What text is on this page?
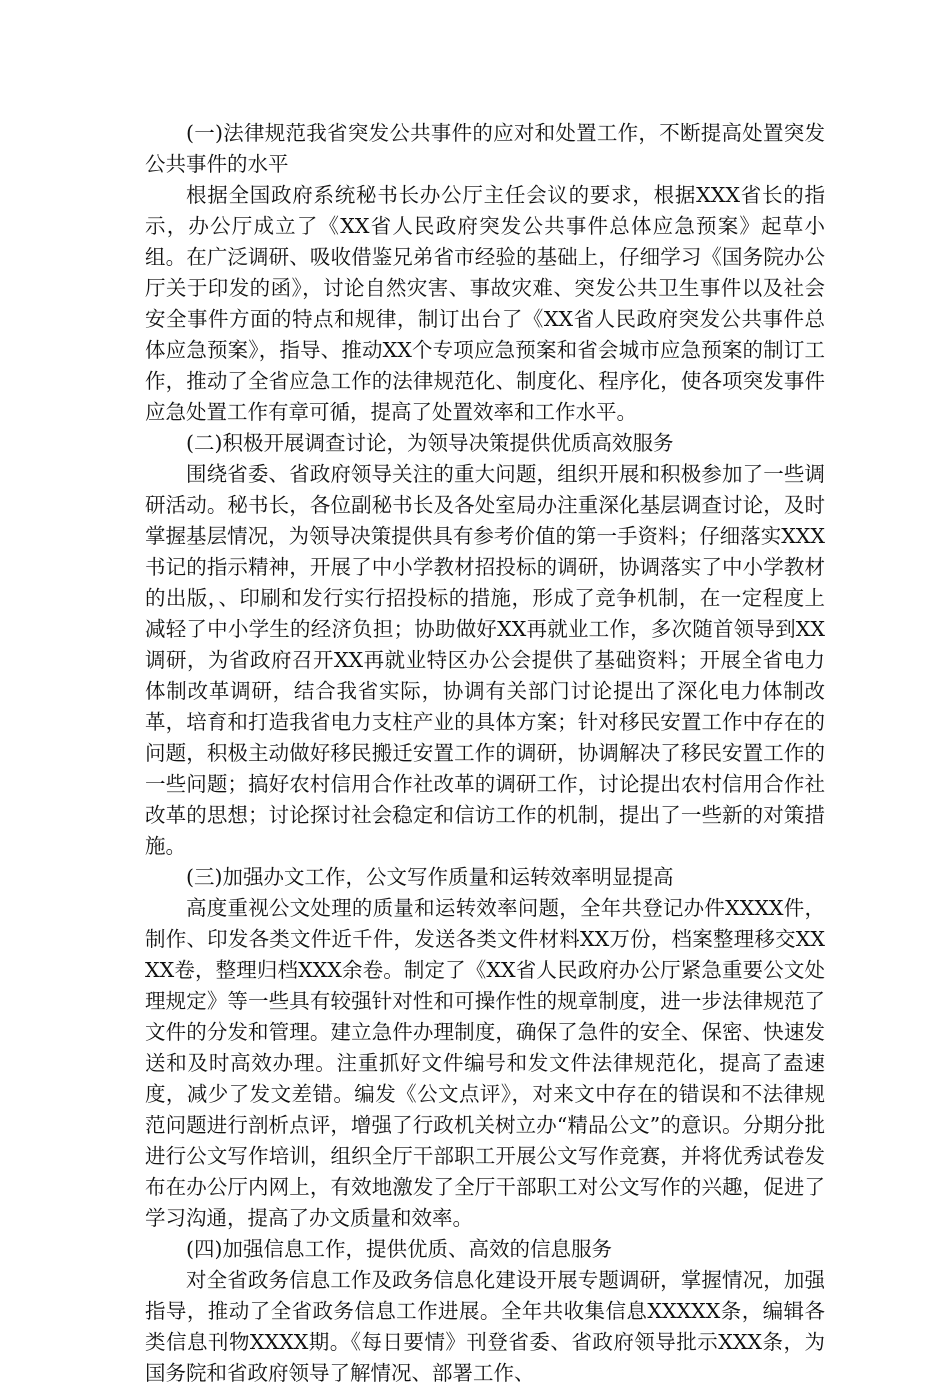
(一)法律规范我省突发公共事件的应对和处置工作，不断提高处置突发公共事件的水平

根据全国政府系统秘书长办公厅主任会议的要求，根据XXX省长的指示，办公厅成立了《XX省人民政府突发公共事件总体应急预案》起草小组。在广泛调研、吸收借鉴兄弟省市经验的基础上，仔细学习《国务院办公厅关于印发的函》，讨论自然灾害、事故灾难、突发公共卫生事件以及社会安全事件方面的特点和规律，制订出台了《XX省人民政府突发公共事件总体应急预案》，指导、推动XX个专项应急预案和省会城市应急预案的制订工作，推动了全省应急工作的法律规范化、制度化、程序化，使各项突发事件应急处置工作有章可循，提高了处置效率和工作水平。

(二)积极开展调查讨论，为领导决策提供优质高效服务

围绕省委、省政府领导关注的重大问题，组织开展和积极参加了一些调研活动。秘书长，各位副秘书长及各处室局办注重深化基层调查讨论，及时掌握基层情况，为领导决策提供具有参考价值的第一手资料；仔细落实XXX书记的指示精神，开展了中小学教材招投标的调研，协调落实了中小学教材的出版，、印刷和发行实行招投标的措施，形成了竞争机制，在一定程度上减轻了中小学生的经济负担；协助做好XX再就业工作，多次随首领导到XX调研，为省政府召开XX再就业特区办公会提供了基础资料；开展全省电力体制改革调研，结合我省实际，协调有关部门讨论提出了深化电力体制改革，培育和打造我省电力支柱产业的具体方案；针对移民安置工作中存在的问题，积极主动做好移民搬迁安置工作的调研，协调解决了移民安置工作的一些问题；搞好农村信用合作社改革的调研工作，讨论提出农村信用合作社改革的思想；讨论探讨社会稳定和信访工作的机制，提出了一些新的对策措施。

(三)加强办文工作，公文写作质量和运转效率明显提高

高度重视公文处理的质量和运转效率问题，全年共登记办件XXXX件，制作、印发各类文件近千件，发送各类文件材料XX万份，档案整理移交XXXX卷，整理归档XXX余卷。制定了《XX省人民政府办公厅紧急重要公文处理规定》等一些具有较强针对性和可操作性的规章制度，进一步法律规范了文件的分发和管理。建立急件办理制度，确保了急件的安全、保密、快速发送和及时高效办理。注重抓好文件编号和发文件法律规范化，提高了盍速度，减少了发文差错。编发《公文点评》，对来文中存在的错误和不法律规范问题进行剖析点评，增强了行政机关树立办“精品公文”的意识。分期分批进行公文写作培训，组织全厅干部职工开展公文写作竞赛，并将优秀试卷发布在办公厅内网上，有效地激发了全厅干部职工对公文写作的兴趣，促进了学习沟通，提高了办文质量和效率。

(四)加强信息工作，提供优质、高效的信息服务

对全省政务信息工作及政务信息化建设开展专题调研，掌握情况，加强指导，推动了全省政务信息工作进展。全年共收集信息XXXXX条，编辑各类信息刊物XXXX期。《每日要情》刊登省委、省政府领导批示XXX条，为国务院和省政府领导了解情况、部署工作、
